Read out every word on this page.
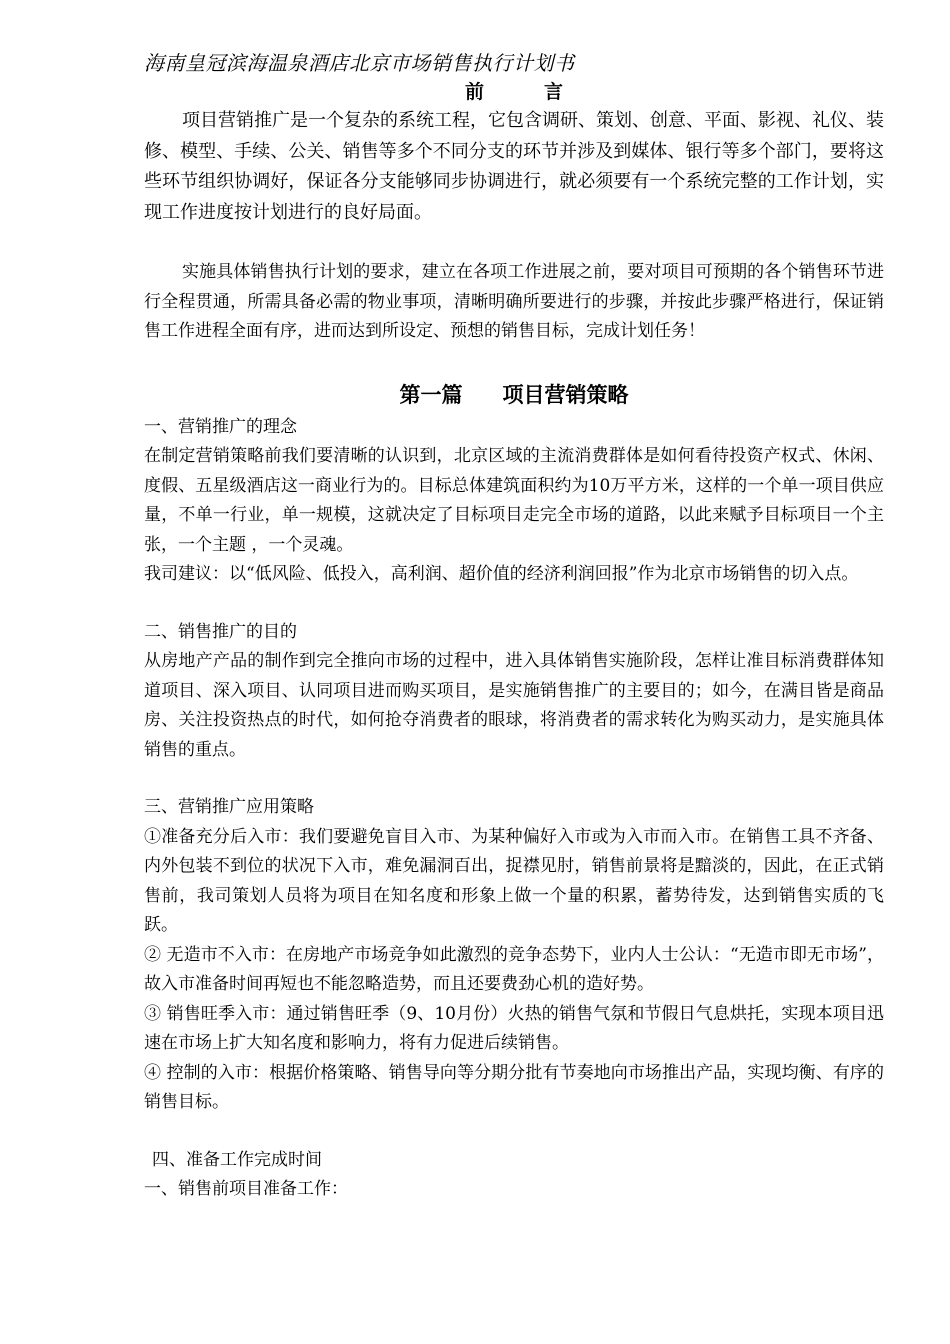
海南皇冠滨海温泉酒店北京市场销售执行计划书

前言

项目营销推广是一个复杂的系统工程，它包含调研、策划、创意、平面、影视、礼仪、装修、模型、手续、公关、销售等多个不同分支的环节并涉及到媒体、银行等多个部门，要将这些环节组织协调好，保证各分支能够同步协调进行，就必须要有一个系统完整的工作计划，实现工作进度按计划进行的良好局面。

实施具体销售执行计划的要求，建立在各项工作进展之前，要对项目可预期的各个销售环节进行全程贯通，所需具备必需的物业事项，清晰明确所要进行的步骤，并按此步骤严格进行，保证销售工作进程全面有序，进而达到所设定、预想的销售目标，完成计划任务！

第一篇 项目营销策略

一、营销推广的理念

在制定营销策略前我们要清晰的认识到，北京区域的主流消费群体是如何看待投资产权式、休闲、度假、五星级酒店这一商业行为的。目标总体建筑面积约为10万平方米，这样的一个单一项目供应量，不单一行业，单一规模，这就决定了目标项目走完全市场的道路，以此来赋予目标项目一个主张，一个主题 ，一个灵魂。

我司建议：以“低风险、低投入，高利润、超价值的经济利润回报”作为北京市场销售的切入点。

二、销售推广的目的

从房地产产品的制作到完全推向市场的过程中，进入具体销售实施阶段，怎样让准目标消费群体知道项目、深入项目、认同项目进而购买项目，是实施销售推广的主要目的；如今，在满目皆是商品房、关注投资热点的时代，如何抢夺消费者的眼球，将消费者的需求转化为购买动力，是实施具体销售的重点。

三、营销推广应用策略

①准备充分后入市：我们要避免盲目入市、为某种偏好入市或为入市而入市。在销售工具不齐备、内外包装不到位的状况下入市，难免漏洞百出，捉襟见肘，销售前景将是黯淡的，因此，在正式销售前，我司策划人员将为项目在知名度和形象上做一个量的积累，蓄势待发，达到销售实质的飞跃。

② 无造市不入市：在房地产市场竞争如此激烈的竞争态势下，业内人士公认：“无造市即无市场”，故入市准备时间再短也不能忽略造势，而且还要费劲心机的造好势。

③ 销售旺季入市：通过销售旺季（9、10月份）火热的销售气氛和节假日气息烘托，实现本项目迅速在市场上扩大知名度和影响力，将有力促进后续销售。

④ 控制的入市：根据价格策略、销售导向等分期分批有节奏地向市场推出产品，实现均衡、有序的销售目标。

四、准备工作完成时间

一、销售前项目准备工作：
